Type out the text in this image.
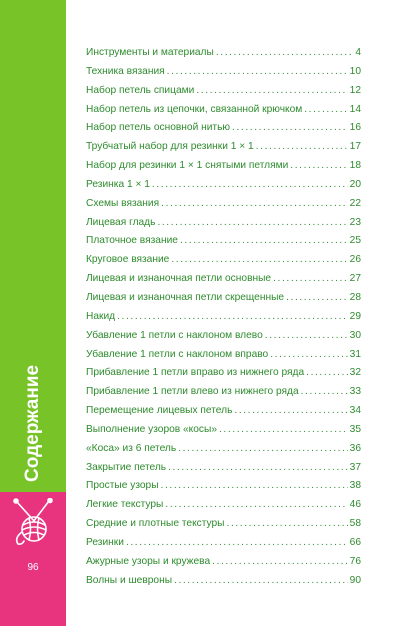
Содержание
96
Инструменты и материалы .....	4
Техника вязания .....	10
Набор петель спицами .....	12
Набор петель из цепочки, связанной крючком .....	14
Набор петель основной нитью .....	16
Трубчатый набор для резинки 1 × 1 .....	17
Набор для резинки 1 × 1 снятыми петлями .....	18
Резинка 1 × 1 .....	20
Схемы вязания .....	22
Лицевая гладь .....	23
Платочное вязание .....	25
Круговое вязание .....	26
Лицевая и изнаночная петли основные .....	27
Лицевая и изнаночная петли скрещенные .....	28
Накид .....	29
Убавление 1 петли с наклоном влево .....	30
Убавление 1 петли с наклоном вправо .....	31
Прибавление 1 петли вправо из нижнего ряда .....	32
Прибавление 1 петли влево из нижнего ряда .....	33
Перемещение лицевых петель .....	34
Выполнение узоров «косы» .....	35
«Коса» из 6 петель .....	36
Закрытие петель .....	37
Простые узоры .....	38
Легкие текстуры .....	46
Средние и плотные текстуры .....	58
Резинки .....	66
Ажурные узоры и кружева .....	76
Волны и шевроны .....	90
